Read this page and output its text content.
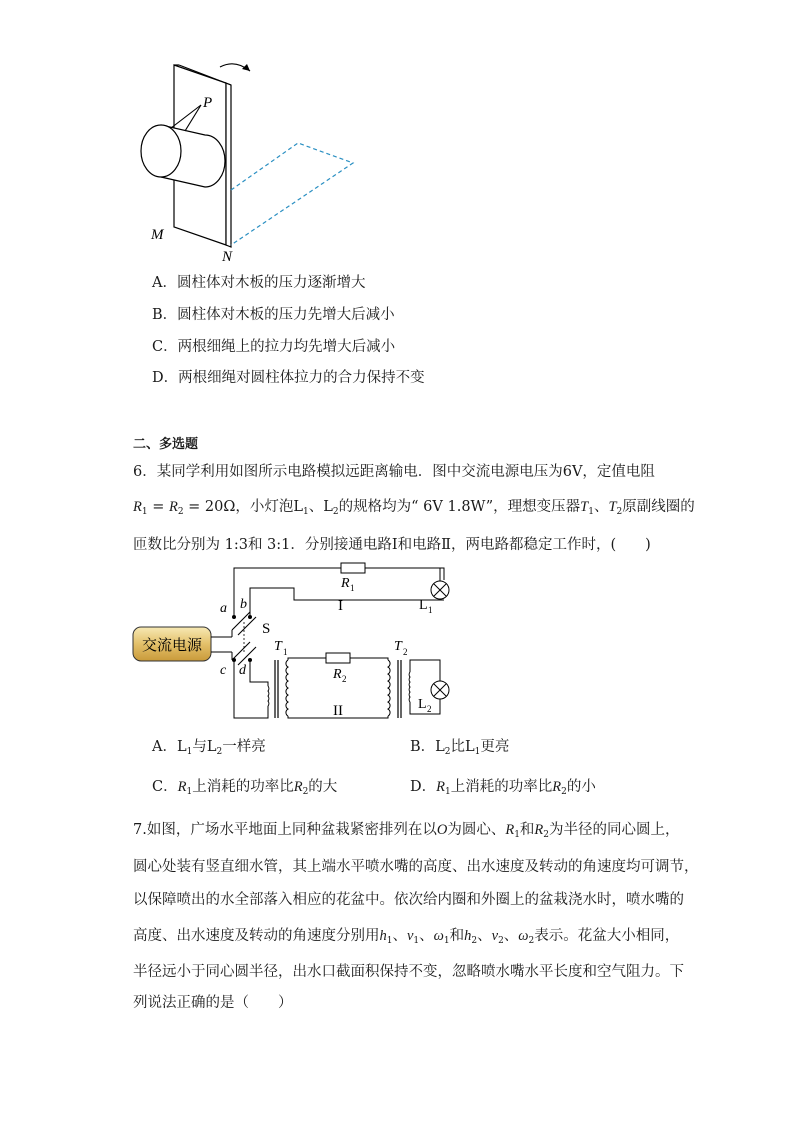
P
M
N
A．圆柱体对木板的压力逐渐增大
B．圆柱体对木板的压力先增大后减小
C．两根细绳上的拉力均先增大后减小
D．两根细绳对圆柱体拉力的合力保持不变
二、多选题
6．某同学利用如图所示电路模拟远距离输电．图中交流电源电压为6V，定值电阻
$R_1 = R_2 = 20\Omega$，小灯泡$L_1$、$L_2$的规格均为“ 6V 1.8W”，理想变压器$T_1$、$T_2$原副线圈的
匝数比分别为 1:3和 3:1．分别接通电路Ⅰ和电路Ⅱ，两电路都稳定工作时，(　　)
交流电源
S
a b
c d
R 1
I	L 1
T 1
R 2
II
T 2
L 2
A．$L_1$与$L_2$一样亮	B．$L_2$比$L_1$更亮
C．$R_1$上消耗的功率比$R_2$的大	D．$R_1$上消耗的功率比$R_2$的小
7.如图，广场水平地面上同种盆栽紧密排列在以O为圆心、$R_1$和$R_2$为半径的同心圆上，
圆心处装有竖直细水管，其上端水平喷水嘴的高度、出水速度及转动的角速度均可调节，
以保障喷出的水全部落入相应的花盆中。依次给内圈和外圈上的盆栽浇水时，喷水嘴的
高度、出水速度及转动的角速度分别用$h_1$、$v_1$、$\omega_1$和$h_2$、$v_2$、$\omega_2$表示。花盆大小相同，
半径远小于同心圆半径，出水口截面积保持不变，忽略喷水嘴水平长度和空气阻力。下
列说法正确的是（　　）
